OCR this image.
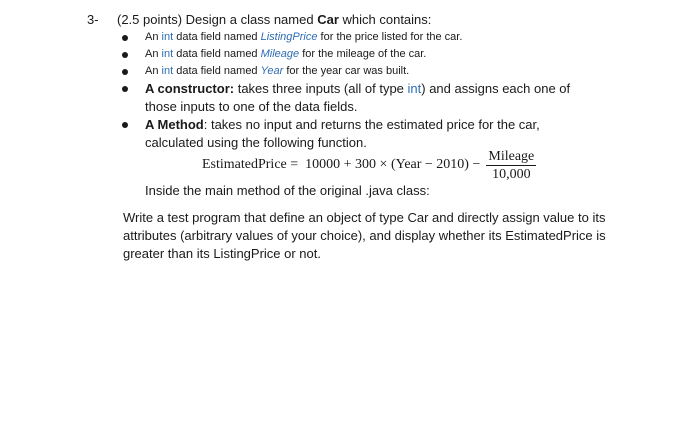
3- (2.5 points) Design a class named Car which contains:
An int data field named ListingPrice for the price listed for the car.
An int data field named Mileage for the mileage of the car.
An int data field named Year for the year car was built.
A constructor: takes three inputs (all of type int) and assigns each one of those inputs to one of the data fields.
A Method: takes no input and returns the estimated price for the car, calculated using the following function.
EstimatedPrice =
10000 + 300 × (Year − $2010) - \frac{\text{Mileage}}{10,000}$
Inside the main method of the original .java class:
Write a test program that define an object of type Car and directly assign value to its attributes (arbitrary values of your choice), and display whether its EstimatedPrice is greater than its ListingPrice or not.
